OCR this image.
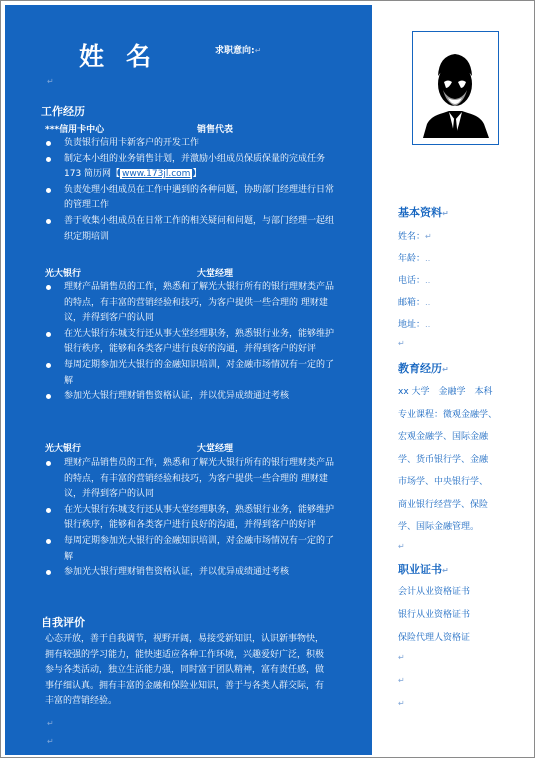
姓名	求职意向:↵
↵
工作经历
***信用卡中心	销售代表
负责银行信用卡新客户的开发工作
制定本小组的业务销售计划，并激励小组成员保质保量的完成任务 173 简历网【 www.173jl.com 】
负责处理小组成员在工作中遇到的各种问题，协助部门经理进行日常的管理工作
善于收集小组成员在日常工作的相关疑问和问题，与部门经理一起组织定期培训
光大银行	大堂经理
理财产品销售员的工作，熟悉和了解光大银行所有的银行理财类产品的特点，有丰富的营销经验和技巧，为客户提供一些合理的 理财建议，并得到客户的认同
在光大银行东城支行还从事大堂经理职务，熟悉银行业务，能够维护银行秩序，能够和各类客户进行良好的沟通，并得到客户的好评
每周定期参加光大银行的金融知识培训，对金融市场情况有一定的了解
参加光大银行理财销售资格认证，并以优异成绩通过考核
光大银行	大堂经理
理财产品销售员的工作，熟悉和了解光大银行所有的银行理财类产品的特点，有丰富的营销经验和技巧，为客户提供一些合理的 理财建议，并得到客户的认同
在光大银行东城支行还从事大堂经理职务，熟悉银行业务，能够维护银行秩序，能够和各类客户进行良好的沟通，并得到客户的好评
每周定期参加光大银行的金融知识培训，对金融市场情况有一定的了解
参加光大银行理财销售资格认证，并以优异成绩通过考核
自我评价
心态开放，善于自我调节，视野开阔，易接受新知识，认识新事物快，拥有较强的学习能力，能快速适应各种工作环境，兴趣爱好广泛，积极参与各类活动，独立生活能力强，同时富于团队精神，富有责任感，做事仔细认真。拥有丰富的金融和保险业知识，善于与各类人群交际，有丰富的营销经验。
↵
↵
基本资料↵
姓名：↵
年龄：‥
电话：‥
邮箱：‥
地址：‥
↵
教育经历↵
xx 大学　金融学　本科
专业课程：微观金融学、
宏观金融学、国际金融
学、货币银行学、金融
市场学、中央银行学、
商业银行经营学、保险
学、国际金融管理。
↵
职业证书↵
会计从业资格证书
银行从业资格证书
保险代理人资格证
↵
↵
↵
